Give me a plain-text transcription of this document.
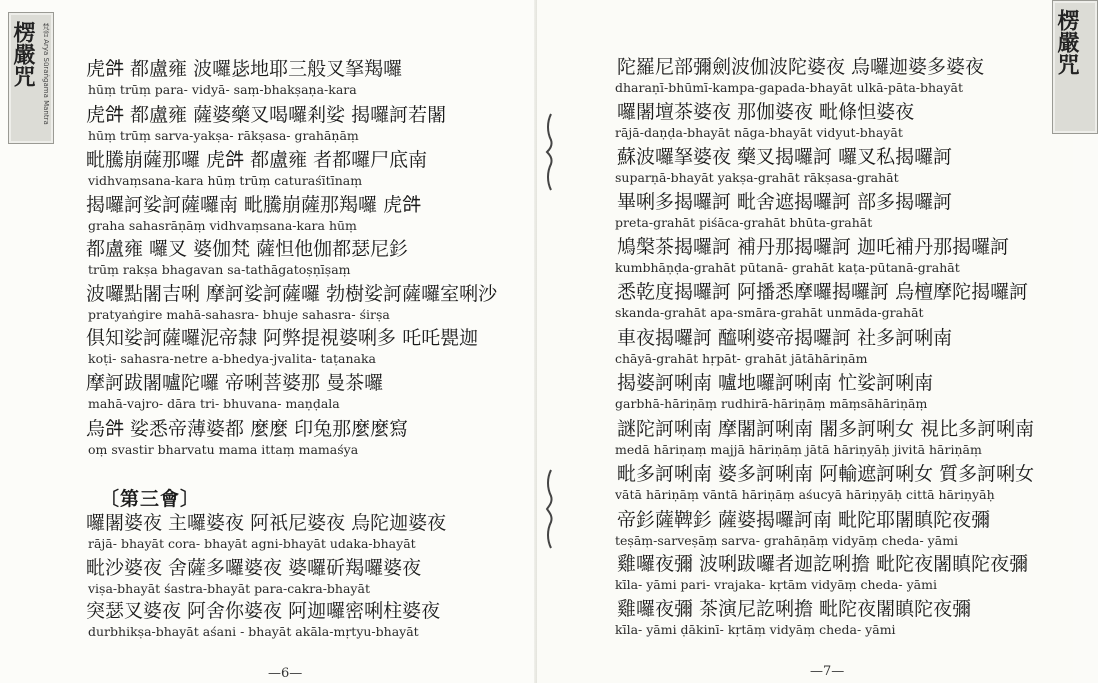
楞嚴咒 梵音 Arya Sūraṅgama Mantra 虎𤙖 都盧雍 波囉毖地耶三般叉拏羯囉
hūṃ trūṃ para- vidyā- saṃ-bhakṣaṇa-kara
虎𤙖 都盧雍 薩婆藥叉喝囉剎娑 揭囉訶若闍
hūṃ trūṃ sarva-yakṣa- rākṣasa- grahāṇāṃ
毗騰崩薩那囉 虎𤙖 都盧雍 者都囉尸底南
vidhvaṃsana-kara hūṃ trūṃ caturaśītīnaṃ
揭囉訶娑訶薩囉南 毗騰崩薩那羯囉 虎𤙖
graha sahasrāṇāṃ vidhvaṃsana-kara hūṃ
都盧雍 囉叉 婆伽梵 薩怛他伽都瑟尼釤
trūṃ rakṣa bhagavan sa-tathāgatoṣṇīṣaṃ
波囉點闍吉唎 摩訶娑訶薩囉 勃樹娑訶薩囉室唎沙
pratyaṅgire mahā-sahasra- bhuje sahasra- śirṣa
俱知娑訶薩囉泥帝隸 阿弊提視婆唎多 吒吒甖迦
koṭi- sahasra-netre a-bhedya-jvalita- taṭanaka
摩訶跋闍嚧陀囉 帝唎菩婆那 曼茶囉
mahā-vajro- dāra tri- bhuvana- maṇḍala
烏𤙖 娑悉帝薄婆都 麼麼 印兔那麼麼寫
oṃ svastir bharvatu mama ittaṃ mamaśya
囉闍婆夜 主囉婆夜 阿祇尼婆夜 烏陀迦婆夜
rājā- bhayāt cora- bhayāt agni-bhayāt udaka-bhayāt
毗沙婆夜 舍薩多囉婆夜 婆囉斫羯囉婆夜
viṣa-bhayāt śastra-bhayāt para-cakra-bhayāt
突瑟叉婆夜 阿舍你婆夜 阿迦囉密唎柱婆夜
durbhikṣa-bhayāt aśani - bhayāt akāla-mṛtyu-bhayāt
〔第三會〕
—6—
楞嚴咒
陀羅尼部彌劍波伽波陀婆夜 烏囉迦婆多婆夜
dharaṇī-bhūmī-kampa-gapada-bhayāt ulkā-pāta-bhayāt
囉闍壇茶婆夜 那伽婆夜 毗條怛婆夜
rājā-daṇḍa-bhayāt nāga-bhayāt vidyut-bhayāt
蘇波囉拏婆夜 藥叉揭囉訶 囉叉私揭囉訶
suparṇā-bhayāt yakṣa-grahāt rākṣasa-grahāt
畢唎多揭囉訶 毗舍遮揭囉訶 部多揭囉訶
preta-grahāt piśāca-grahāt bhūta-grahāt
鳩槃茶揭囉訶 補丹那揭囉訶 迦吒補丹那揭囉訶
kumbhāṇḍa-grahāt pūtanā- grahāt kaṭa-pūtanā-grahāt
悉乾度揭囉訶 阿播悉摩囉揭囉訶 烏檀摩陀揭囉訶
skanda-grahāt apa-smāra-grahāt unmāda-grahāt
車夜揭囉訶 醯唎婆帝揭囉訶 社多訶唎南
chāyā-grahāt hṛpāt- grahāt jātāhāriṇām
揭婆訶唎南 嚧地囉訶唎南 忙娑訶唎南
garbhā-hāriṇāṃ rudhirā-hāriṇāṃ māṃsāhāriṇāṃ
謎陀訶唎南 摩闍訶唎南 闍多訶唎女 視比多訶唎南
medā hāriṇaṃ majjā hāriṇāṃ jātā hāriṇyāḥ jivitā hāriṇāṃ
毗多訶唎南 婆多訶唎南 阿輸遮訶唎女 質多訶唎女
vātā hāriṇāṃ vāntā hāriṇāṃ aśucyā hāriṇyāḥ cittā hāriṇyāḥ
帝釤薩鞞釤 薩婆揭囉訶南 毗陀耶闍瞋陀夜彌
teṣāṃ-sarveṣāṃ sarva- grahāṇāṃ vidyāṃ cheda- yāmi
雞囉夜彌 波唎跋囉者迦訖唎擔 毗陀夜闍瞋陀夜彌
kīla- yāmi pari- vrajaka- kṛtām vidyāṃ cheda- yāmi
雞囉夜彌 茶演尼訖唎擔 毗陀夜闍瞋陀夜彌
kīla- yāmi ḍākinī- kṛtāṃ vidyāṃ cheda- yāmi
—7—
